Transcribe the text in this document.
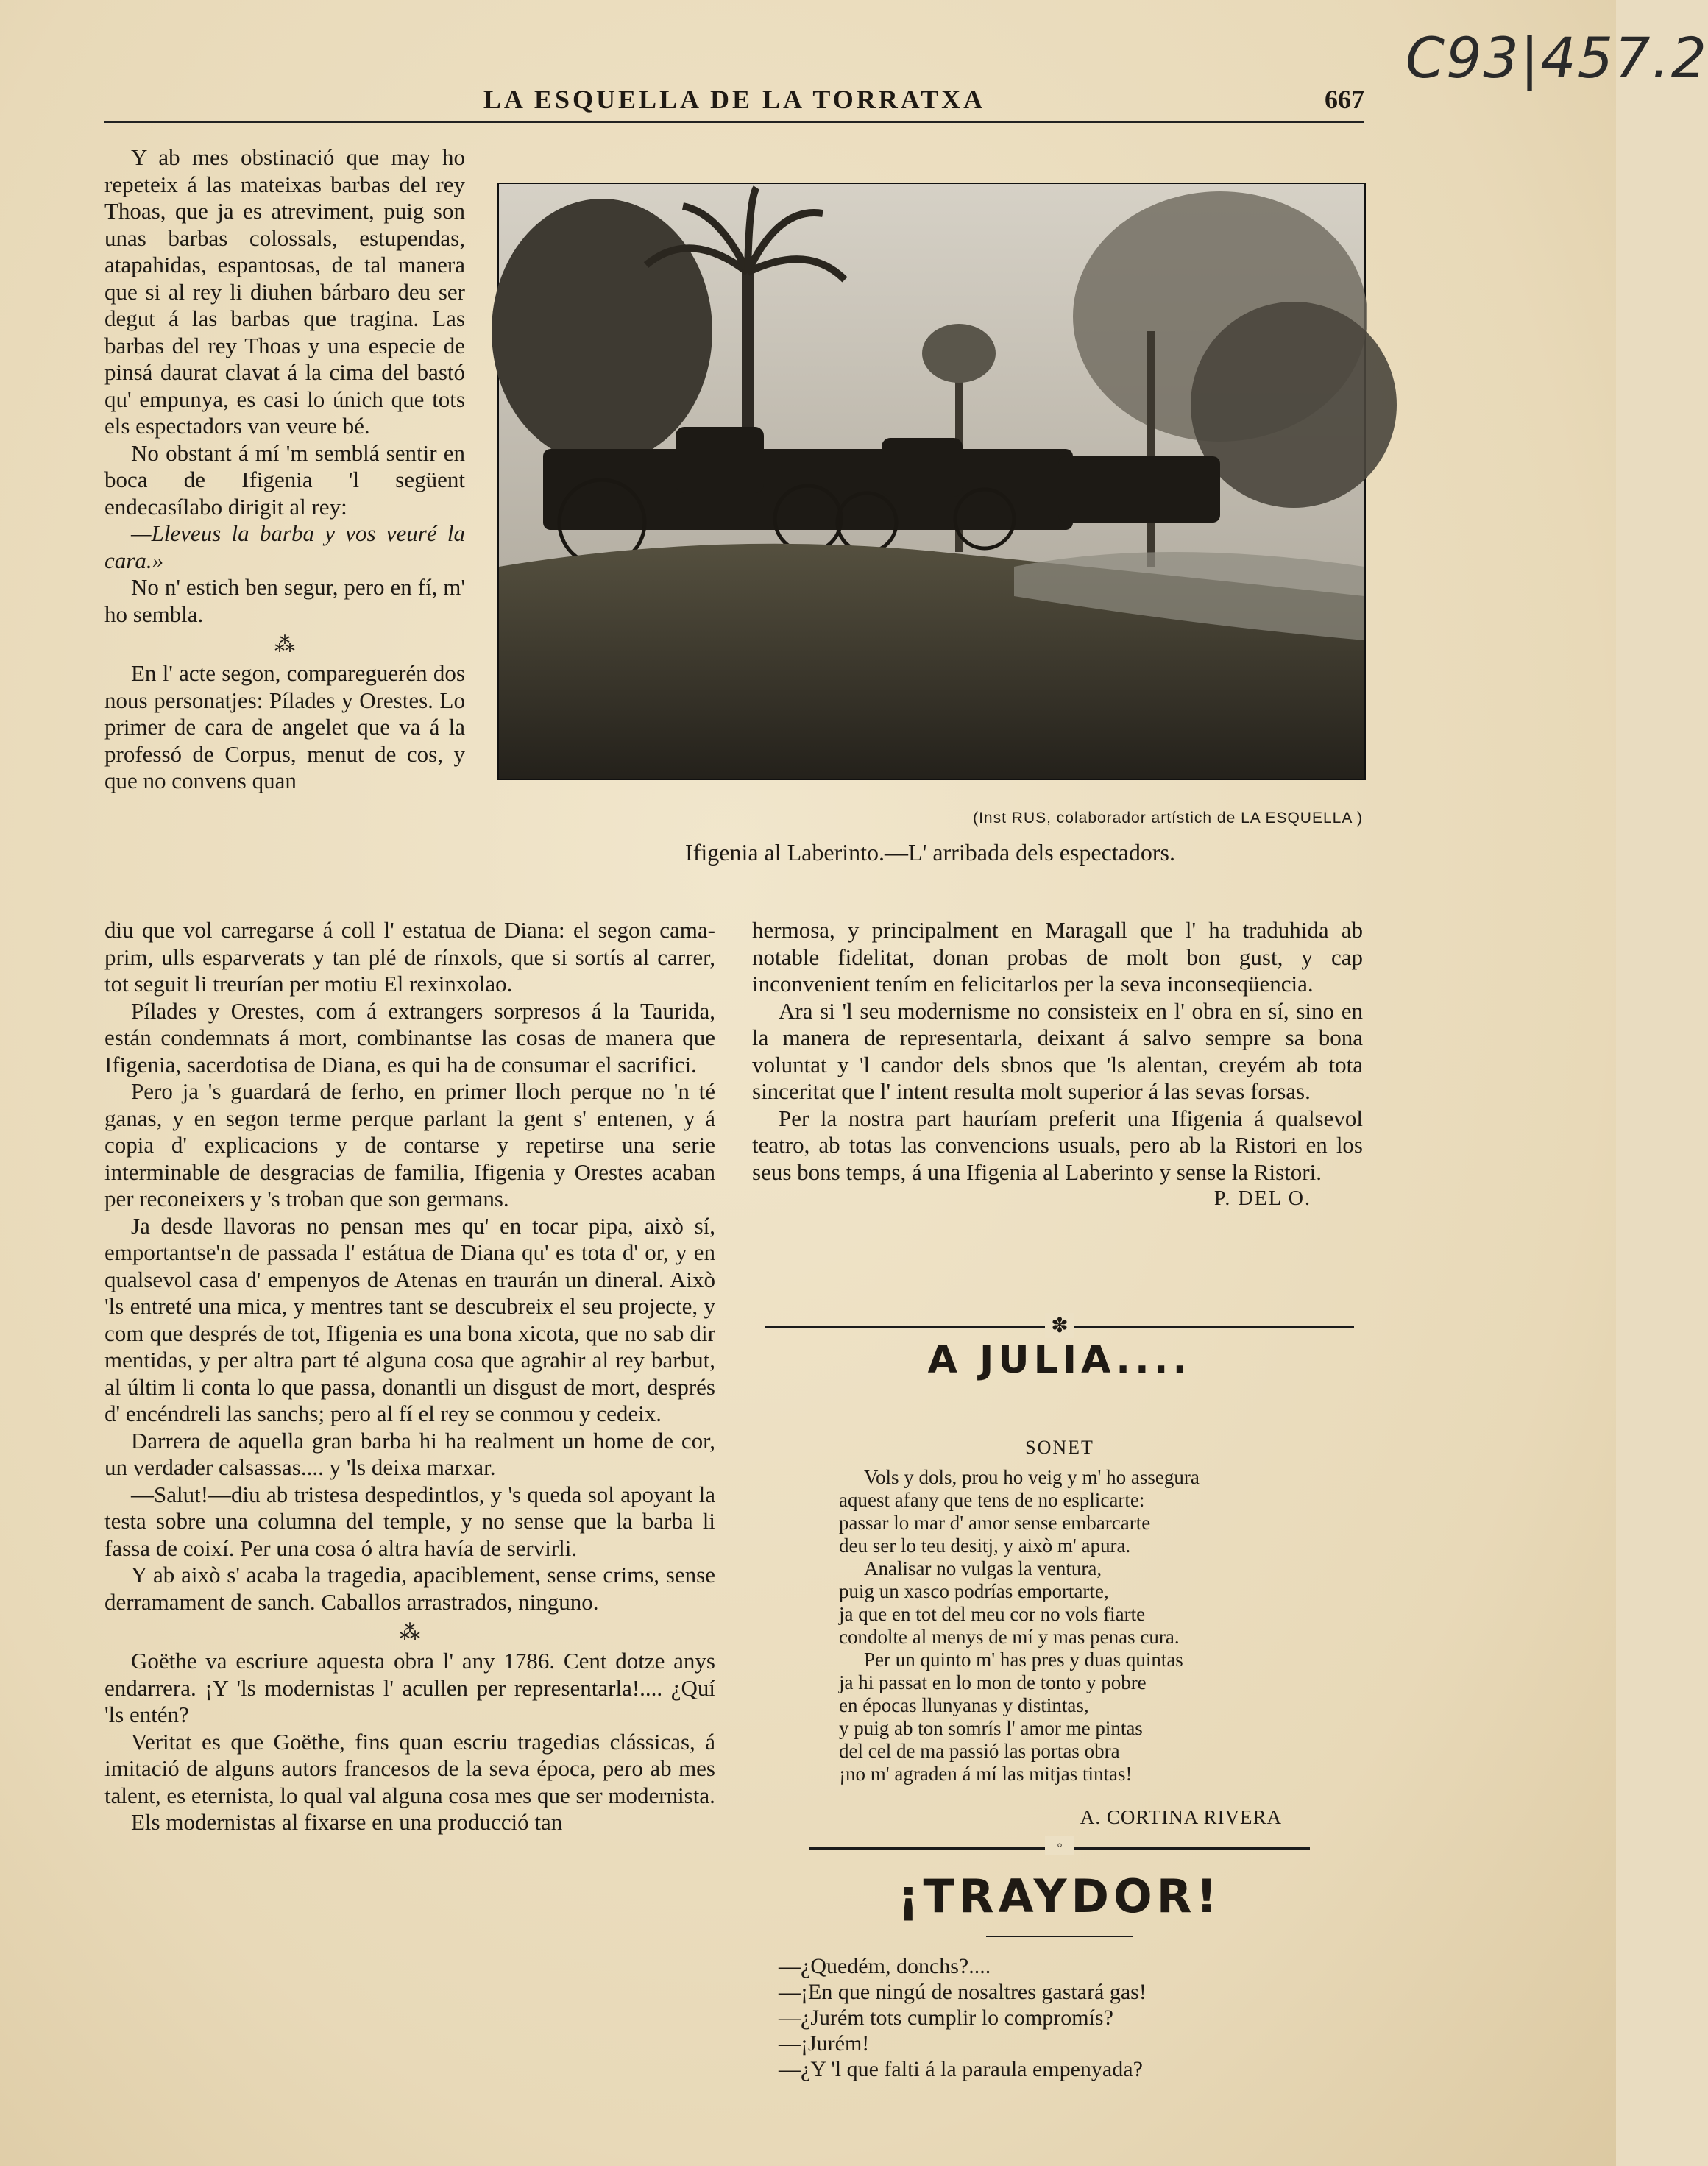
LA ESQUELLA DE LA TORRATXA	667
C93|457.2

Y ab mes obstinació que may ho repeteix á las mateixas barbas del rey Thoas, que ja es atreviment, puig son unas barbas colossals, estupendas, atapahidas, espantosas, de tal manera que si al rey li diuhen bárbaro deu ser degut á las barbas que tragina. Las barbas del rey Thoas y una especie de pinsá daurat clavat á la cima del bastó qu' empunya, es casi lo únich que tots els espectadors van veure bé.

No obstant á mí 'm semblá sentir en boca de Ifigenia 'l següent endecasílabo dirigit al rey:

—Lleveus la barba y vos veuré la cara.»

No n' estich ben segur, pero en fí, m' ho sembla.

⁂

En l' acte segon, compareguerén dos nous personatjes: Pílades y Orestes. Lo primer de cara de angelet que va á la professó de Corpus, menut de cos, y que no convens quan

(Inst RUS, colaborador artístich de LA ESQUELLA )
Ifigenia al Laberinto.—L' arribada dels espectadors.

diu que vol carregarse á coll l' estatua de Diana: el segon cama-prim, ulls esparverats y tan plé de rínxols, que si sortís al carrer, tot seguit li treurían per motiu El rexinxolao.

Pílades y Orestes, com á extrangers sorpresos á la Taurida, están condemnats á mort, combinantse las cosas de manera que Ifigenia, sacerdotisa de Diana, es qui ha de consumar el sacrifici.

Pero ja 's guardará de ferho, en primer lloch perque no 'n té ganas, y en segon terme perque parlant la gent s' entenen, y á copia d' explicacions y de contarse y repetirse una serie interminable de desgracias de familia, Ifigenia y Orestes acaban per reconeixers y 's troban que son germans.

Ja desde llavoras no pensan mes qu' en tocar pipa, això sí, emportantse'n de passada l' estátua de Diana qu' es tota d' or, y en qualsevol casa d' empenyos de Atenas en traurán un dineral. Això 'ls entreté una mica, y mentres tant se descubreix el seu projecte, y com que després de tot, Ifigenia es una bona xicota, que no sab dir mentidas, y per altra part té alguna cosa que agrahir al rey barbut, al últim li conta lo que passa, donantli un disgust de mort, després d' encéndreli las sanchs; pero al fí el rey se conmou y cedeix.

Darrera de aquella gran barba hi ha realment un home de cor, un verdader calsassas.... y 'ls deixa marxar.

—Salut!—diu ab tristesa despedintlos, y 's queda sol apoyant la testa sobre una columna del temple, y no sense que la barba li fassa de coixí. Per una cosa ó altra havía de servirli.

Y ab això s' acaba la tragedia, apaciblement, sense crims, sense derramament de sanch. Caballos arrastrados, ninguno.

⁂

Goëthe va escriure aquesta obra l' any 1786. Cent dotze anys endarrera. ¡Y 'ls modernistas l' acullen per representarla!.... ¿Quí 'ls entén?

Veritat es que Goëthe, fins quan escriu tragedias clássicas, á imitació de alguns autors francesos de la seva época, pero ab mes talent, es eternista, lo qual val alguna cosa mes que ser modernista.

Els modernistas al fixarse en una producció tan

hermosa, y principalment en Maragall que l' ha traduhida ab notable fidelitat, donan probas de molt bon gust, y cap inconvenient tením en felicitarlos per la seva inconseqüencia.

Ara si 'l seu modernisme no consisteix en l' obra en sí, sino en la manera de representarla, deixant á salvo sempre sa bona voluntat y 'l candor dels sbnos que 'ls alentan, creyém ab tota sinceritat que l' intent resulta molt superior á las sevas forsas.

Per la nostra part hauríam preferit una Ifigenia á qualsevol teatro, ab totas las convencions usuals, pero ab la Ristori en los seus bons temps, á una Ifigenia al Laberinto y sense la Ristori.

P. DEL O.

✽
A JULIA....
SONET
Vols y dols, prou ho veig y m' ho assegura
aquest afany que tens de no esplicarte:
passar lo mar d' amor sense embarcarte
deu ser lo teu desitj, y això m' apura.
Analisar no vulgas la ventura,
puig un xasco podrías emportarte,
ja que en tot del meu cor no vols fiarte
condolte al menys de mí y mas penas cura.
Per un quinto m' has pres y duas quintas
ja hi passat en lo mon de tonto y pobre
en épocas llunyanas y distintas,
y puig ab ton somrís l' amor me pintas
del cel de ma passió las portas obra
¡no m' agraden á mí las mitjas tintas!
A. CORTINA RIVERA
◦
¡TRAYDOR!
—¿Quedém, donchs?....
—¡En que ningú de nosaltres gastará gas!
—¿Jurém tots cumplir lo compromís?
—¡Jurém!
—¿Y 'l que falti á la paraula empenyada?
